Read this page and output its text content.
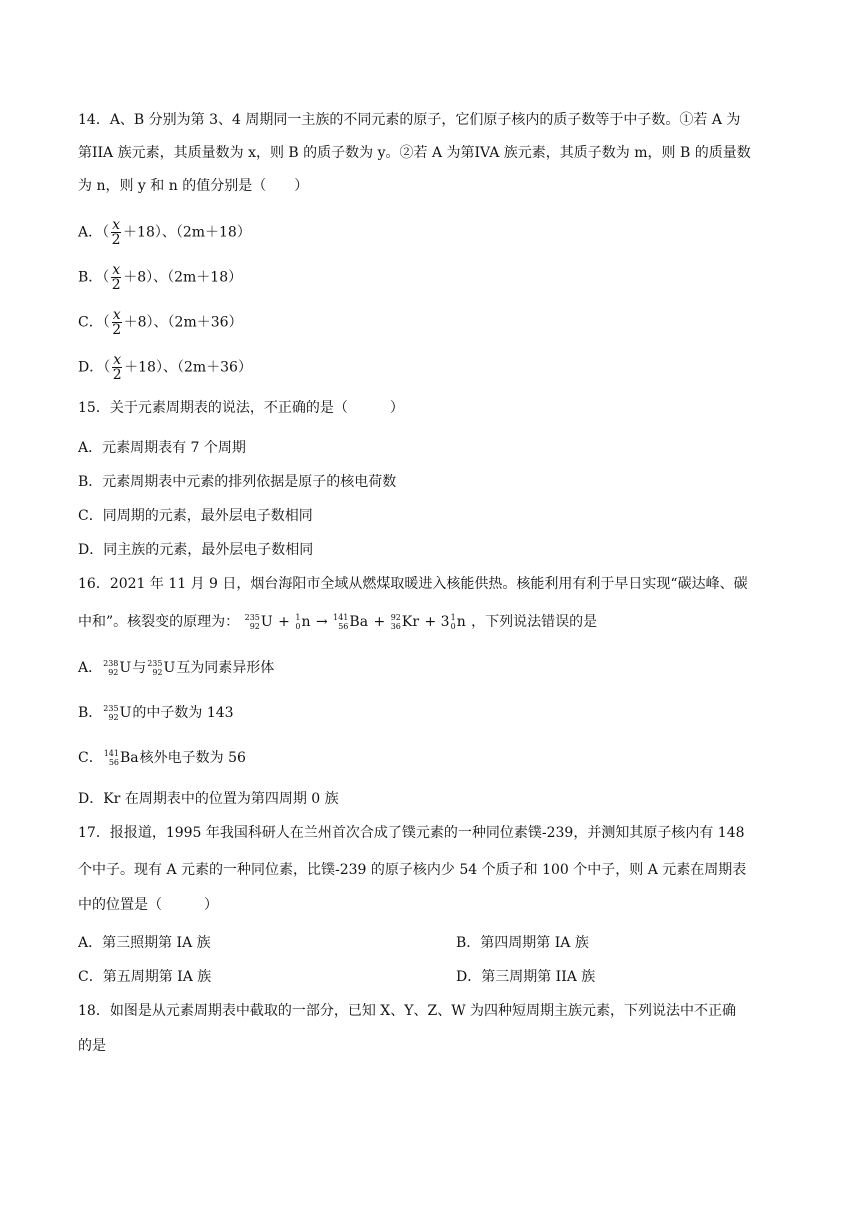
14．A、B 分别为第 3、4 周期同一主族的不同元素的原子，它们原子核内的质子数等于中子数。①若 A 为
第IIA 族元素，其质量数为 x，则 B 的质子数为 y。②若 A 为第IVA 族元素，其质子数为 m，则 B 的质量数
为 n，则 y 和 n 的值分别是（　　）
A．（ $\frac{x}{2} +18$）、（2m＋18）
B．（ $\frac{x}{2} +8$）、（2m＋18）
C．（ $\frac{x}{2} +8$）、（2m＋36）
D．（ $\frac{x}{2} +18$）、（2m＋36）
15．关于元素周期表的说法，不正确的是（　　　）
A．元素周期表有 7 个周期
B．元素周期表中元素的排列依据是原子的核电荷数
C．同周期的元素，最外层电子数相同
D．同主族的元素，最外层电子数相同
16．2021 年 11 月 9 日，烟台海阳市全域从燃煤取暖进入核能供热。核能利用有利于早日实现“碳达峰、碳
中和”。核裂变的原理为： 235
92 U + 1
0 n → 141
56 Ba + 92
36 Kr + 3 1
0 n ，下列说法错误的是
A． 238
92 U 与 235
92 U 互为同素异形体
B． 235
92 U 的中子数为 143
C． 141
56 Ba 核外电子数为 56
D．Kr 在周期表中的位置为第四周期 0 族
17．报报道，1995 年我国科研人在兰州首次合成了镤元素的一种同位素镤-239，并测知其原子核内有 148
个中子。现有 A 元素的一种同位素，比镤-239 的原子核内少 54 个质子和 100 个中子，则 A 元素在周期表
中的位置是（　　　）
A．第三照期第 IA 族	B．第四周期第 IA 族
C．第五周期第 IA 族	D．第三周期第 IIA 族
18．如图是从元素周期表中截取的一部分，已知 X、Y、Z、W 为四种短周期主族元素，下列说法中不正确
的是
